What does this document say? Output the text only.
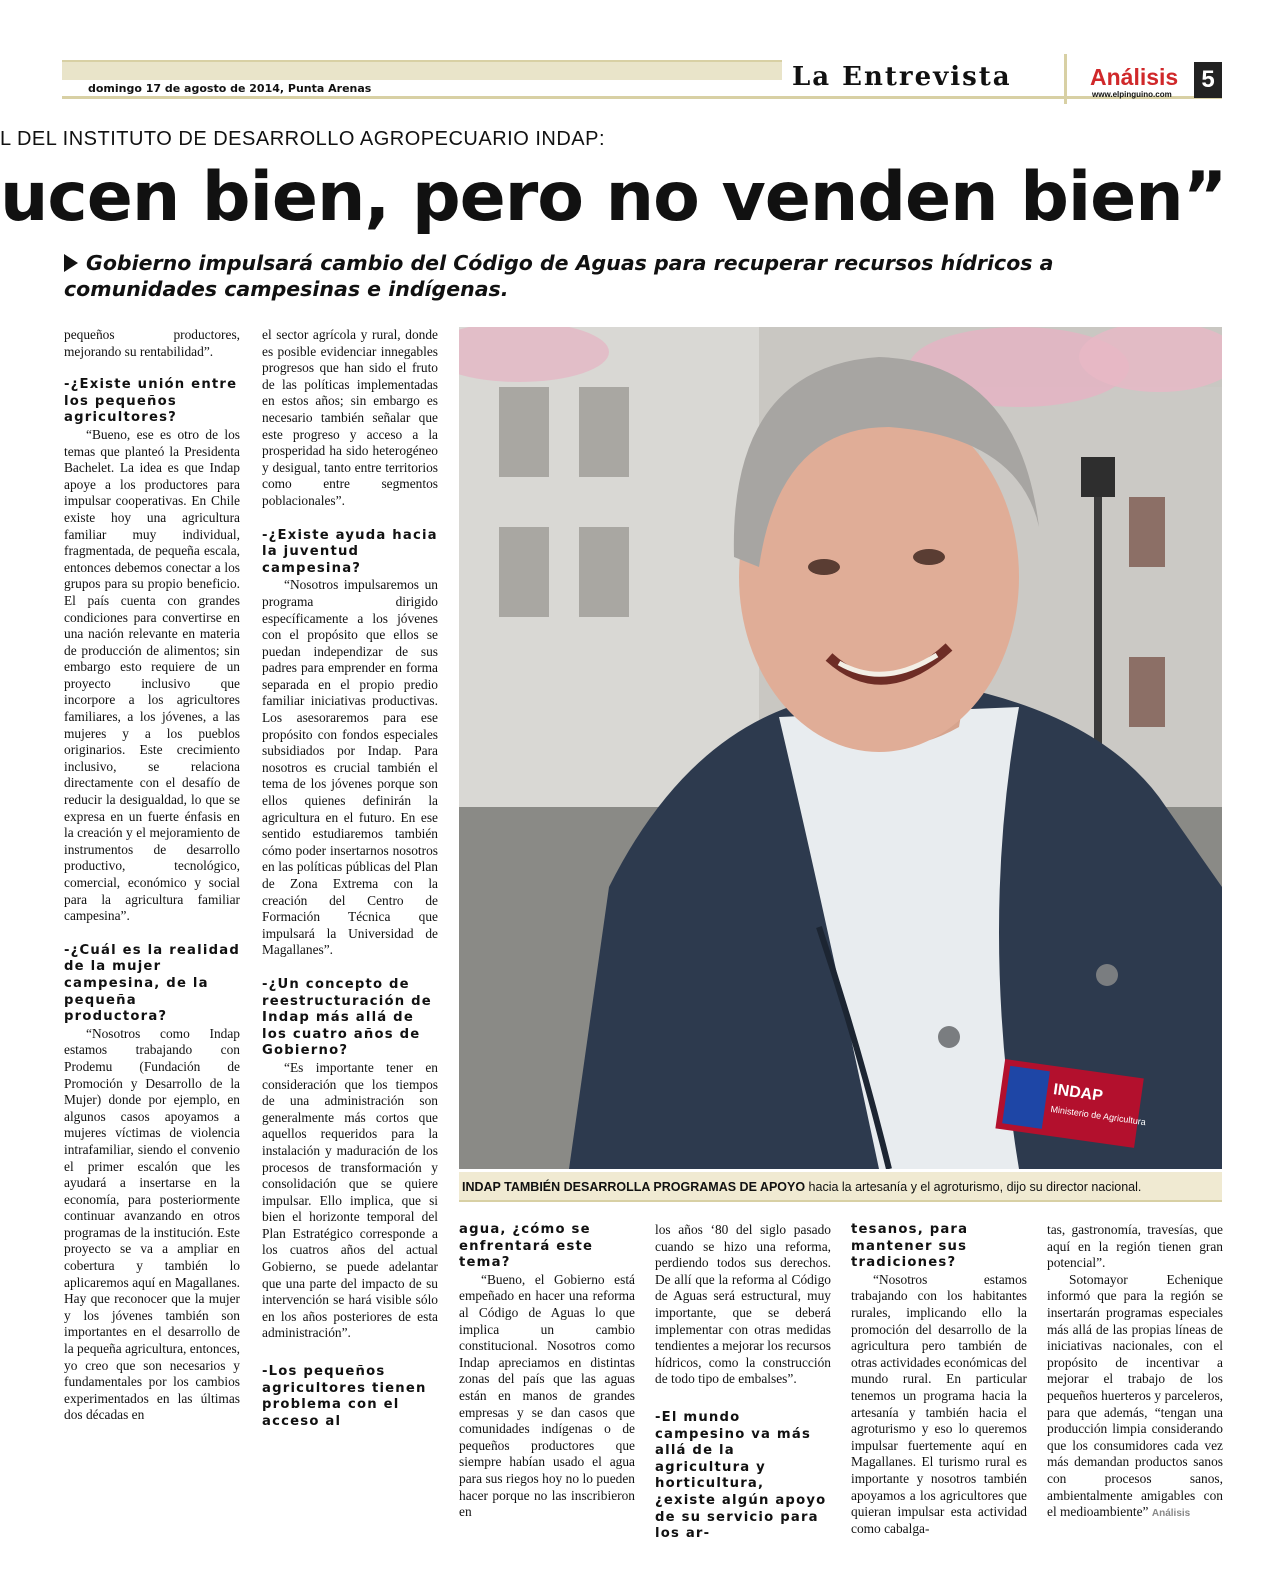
domingo 17 de agosto de 2014, Punta Arenas	La Entrevista	Análisis
www.elpinguino.com
5
L DEL INSTITUTO DE DESARROLLO AGROPECUARIO INDAP:
ucen bien, pero no venden bien”
Gobierno impulsará cambio del Código de Aguas para recuperar recursos hídricos a comunidades campesinas e indígenas.

pequeños productores, mejorando su rentabilidad”.

-¿Existe unión entre los pequeños agricultores?

“Bueno, ese es otro de los temas que planteó la Presidenta Bachelet. La idea es que Indap apoye a los productores para impulsar cooperativas. En Chile existe hoy una agricultura familiar muy individual, fragmentada, de pequeña escala, entonces debemos conectar a los grupos para su propio beneficio. El país cuenta con grandes condiciones para convertirse en una nación relevante en materia de producción de alimentos; sin embargo esto requiere de un proyecto inclusivo que incorpore a los agricultores familiares, a los jóvenes, a las mujeres y a los pueblos originarios. Este crecimiento inclusivo, se relaciona directamente con el desafío de reducir la desigualdad, lo que se expresa en un fuerte énfasis en la creación y el mejoramiento de instrumentos de desarrollo productivo, tecnológico, comercial, económico y social para la agricultura familiar campesina”.

-¿Cuál es la realidad de la mujer campesina, de la pequeña productora?

“Nosotros como Indap estamos trabajando con Prodemu (Fundación de Promoción y Desarrollo de la Mujer) donde por ejemplo, en algunos casos apoyamos a mujeres víctimas de violencia intrafamiliar, siendo el convenio el primer escalón que les ayudará a insertarse en la economía, para posteriormente continuar avanzando en otros programas de la institución. Este proyecto se va a ampliar en cobertura y también lo aplicaremos aquí en Magallanes. Hay que reconocer que la mujer y los jóvenes también son importantes en el desarrollo de la pequeña agricultura, entonces, yo creo que son necesarios y fundamentales por los cambios experimentados en las últimas dos décadas en

el sector agrícola y rural, donde es posible evidenciar innegables progresos que han sido el fruto de las políticas implementadas en estos años; sin embargo es necesario también señalar que este progreso y acceso a la prosperidad ha sido heterogéneo y desigual, tanto entre territorios como entre segmentos poblacionales”.

-¿Existe ayuda hacia la juventud campesina?

“Nosotros impulsaremos un programa dirigido específicamente a los jóvenes con el propósito que ellos se puedan independizar de sus padres para emprender en forma separada en el propio predio familiar iniciativas productivas. Los asesoraremos para ese propósito con fondos especiales subsidiados por Indap. Para nosotros es crucial también el tema de los jóvenes porque son ellos quienes definirán la agricultura en el futuro. En ese sentido estudiaremos también cómo poder insertarnos nosotros en las políticas públicas del Plan de Zona Extrema con la creación del Centro de Formación Técnica que impulsará la Universidad de Magallanes”.

-¿Un concepto de reestructuración de Indap más allá de los cuatro años de Gobierno?

“Es importante tener en consideración que los tiempos de una administración son generalmente más cortos que aquellos requeridos para la instalación y maduración de los procesos de transformación y consolidación que se quiere impulsar. Ello implica, que si bien el horizonte temporal del Plan Estratégico corresponde a los cuatros años del actual Gobierno, se puede adelantar que una parte del impacto de su intervención se hará visible sólo en los años posteriores de esta administración”.

-Los pequeños agricultores tienen problema con el acceso al
INDAP
Ministerio de Agricultura
INDAP TAMBIÉN DESARROLLA PROGRAMAS DE APOYO hacia la artesanía y el agroturismo, dijo su director nacional.
agua, ¿cómo se enfrentará este tema?

“Bueno, el Gobierno está empeñado en hacer una reforma al Código de Aguas lo que implica un cambio constitucional. Nosotros como Indap apreciamos en distintas zonas del país que las aguas están en manos de grandes empresas y se dan casos que comunidades indígenas o de pequeños productores que siempre habían usado el agua para sus riegos hoy no lo pueden hacer porque no las inscribieron en

los años ‘80 del siglo pasado cuando se hizo una reforma, perdiendo todos sus derechos. De allí que la reforma al Código de Aguas será estructural, muy importante, que se deberá implementar con otras medidas tendientes a mejorar los recursos hídricos, como la construcción de todo tipo de embalses”.

-El mundo campesino va más allá de la agricultura y horticultura, ¿existe algún apoyo de su servicio para los ar-
tesanos, para mantener sus tradiciones?

“Nosotros estamos trabajando con los habitantes rurales, implicando ello la promoción del desarrollo de la agricultura pero también de otras actividades económicas del mundo rural. En particular tenemos un programa hacia la artesanía y también hacia el agroturismo y eso lo queremos impulsar fuertemente aquí en Magallanes. El turismo rural es importante y nosotros también apoyamos a los agricultores que quieran impulsar esta actividad como cabalga-

tas, gastronomía, travesías, que aquí en la región tienen gran potencial”.

Sotomayor Echenique informó que para la región se insertarán programas especiales más allá de las propias líneas de iniciativas nacionales, con el propósito de incentivar a mejorar el trabajo de los pequeños huerteros y parceleros, para que además, “tengan una producción limpia considerando que los consumidores cada vez más demandan productos sanos con procesos sanos, ambientalmente amigables con el medioambiente” Análisis
